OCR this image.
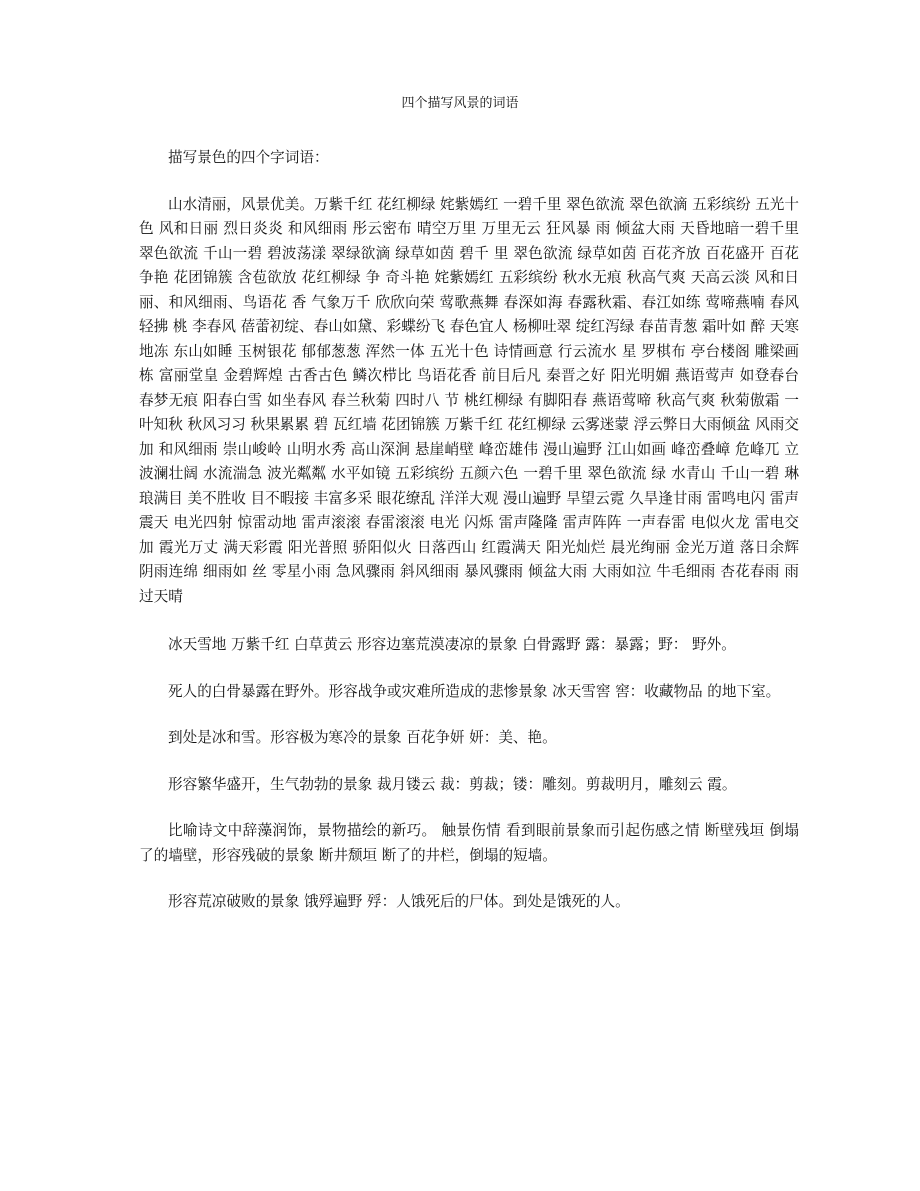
四个描写风景的词语

描写景色的四个字词语：

山水清丽，风景优美。万紫千红 花红柳绿 姹紫嫣红 一碧千里 翠色欲流 翠色欲滴 五彩缤纷 五光十色 风和日丽 烈日炎炎 和风细雨 彤云密布 晴空万里 万里无云 狂风暴 雨 倾盆大雨 天昏地暗一碧千里 翠色欲流 千山一碧 碧波荡漾 翠绿欲滴 绿草如茵 碧千 里 翠色欲流 绿草如茵 百花齐放 百花盛开 百花争艳 花团锦簇 含苞欲放 花红柳绿 争 奇斗艳 姹紫嫣红 五彩缤纷 秋水无痕 秋高气爽 天高云淡 风和日丽、和风细雨、鸟语花 香 气象万千 欣欣向荣 莺歌燕舞 春深如海 春露秋霜、春江如练 莺啼燕喃 春风轻拂 桃 李春风 蓓蕾初绽、春山如黛、彩蝶纷飞 春色宜人 杨柳吐翠 绽红泻绿 春苗青葱 霜叶如 醉 天寒地冻 东山如睡 玉树银花 郁郁葱葱 浑然一体 五光十色 诗情画意 行云流水 星 罗棋布 亭台楼阁 雕梁画栋 富丽堂皇 金碧辉煌 古香古色 鳞次栉比 鸟语花香 前目后凡 秦晋之好 阳光明媚 燕语莺声 如登春台 春梦无痕 阳春白雪 如坐春风 春兰秋菊 四时八 节 桃红柳绿 有脚阳春 燕语莺啼 秋高气爽 秋菊傲霜 一叶知秋 秋风习习 秋果累累 碧 瓦红墙 花团锦簇 万紫千红 花红柳绿 云雾迷蒙 浮云弊日大雨倾盆 风雨交加 和风细雨 崇山峻岭 山明水秀 高山深涧 悬崖峭壁 峰峦雄伟 漫山遍野 江山如画 峰峦叠嶂 危峰兀 立 波澜壮阔 水流湍急 波光粼粼 水平如镜 五彩缤纷 五颜六色 一碧千里 翠色欲流 绿 水青山 千山一碧 琳琅满目 美不胜收 目不暇接 丰富多采 眼花缭乱 洋洋大观 漫山遍野 旱望云霓 久旱逢甘雨 雷鸣电闪 雷声震天 电光四射 惊雷动地 雷声滚滚 春雷滚滚 电光 闪烁 雷声隆隆 雷声阵阵 一声春雷 电似火龙 雷电交加 霞光万丈 满天彩霞 阳光普照 骄阳似火 日落西山 红霞满天 阳光灿烂 晨光绚丽 金光万道 落日余辉 阴雨连绵 细雨如 丝 零星小雨 急风骤雨 斜风细雨 暴风骤雨 倾盆大雨 大雨如泣 牛毛细雨 杏花春雨 雨 过天晴

冰天雪地 万紫千红 白草黄云 形容边塞荒漠凄凉的景象 白骨露野 露：暴露；野： 野外。

死人的白骨暴露在野外。形容战争或灾难所造成的悲惨景象 冰天雪窖 窖：收藏物品 的地下室。

到处是冰和雪。形容极为寒冷的景象 百花争妍 妍：美、艳。

形容繁华盛开，生气勃勃的景象 裁月镂云 裁：剪裁；镂：雕刻。剪裁明月，雕刻云 霞。

比喻诗文中辞藻润饰，景物描绘的新巧。 触景伤情 看到眼前景象而引起伤感之情 断壁残垣 倒塌了的墙壁，形容残破的景象 断井颓垣 断了的井栏，倒塌的短墙。

形容荒凉破败的景象 饿殍遍野 殍：人饿死后的尸体。到处是饿死的人。
